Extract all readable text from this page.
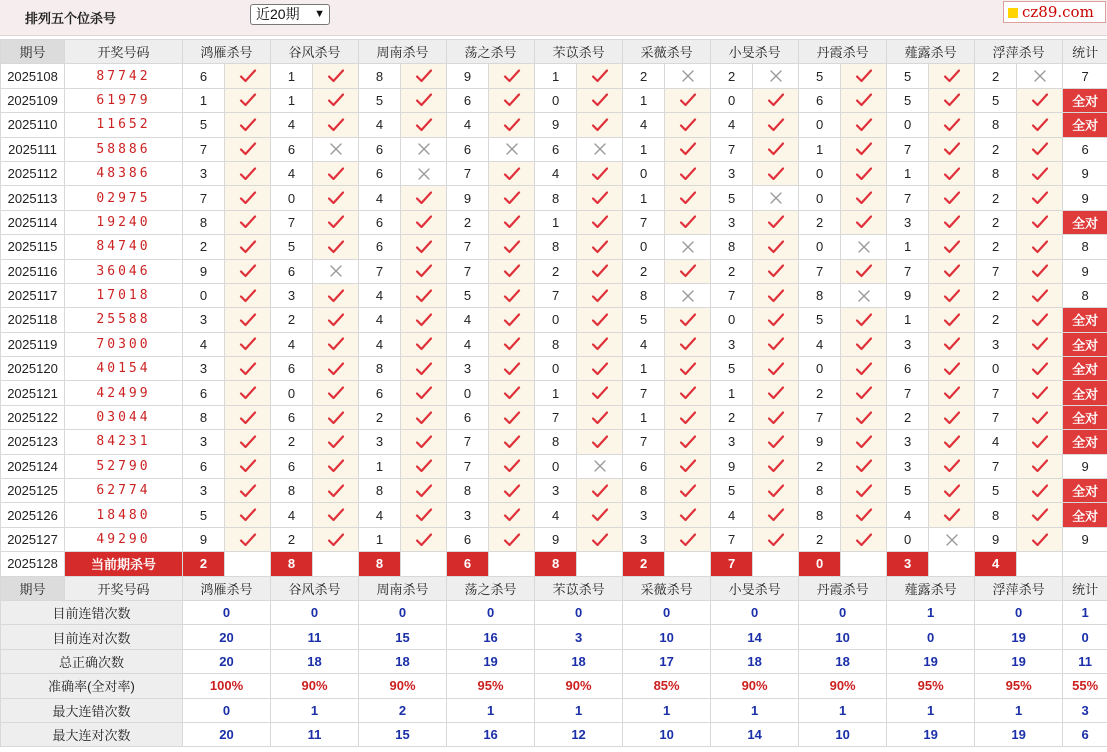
排列五个位杀号	近20期 ▼	cz89.com
期号	开奖号码	鸿雁杀号		谷风杀号		周南杀号		荡之杀号		芣苡杀号		采薇杀号		小旻杀号		丹霞杀号		薤露杀号		浮萍杀号		统计
2025108	87742	6		1		8		9		1		2		2		5		5		2		7
2025109	61979	1		1		5		6		0		1		0		6		5		5		全对
2025110	11652	5		4		4		4		9		4		4		0		0		8		全对
2025111	58886	7		6		6		6		6		1		7		1		7		2		6
2025112	48386	3		4		6		7		4		0		3		0		1		8		9
2025113	02975	7		0		4		9		8		1		5		0		7		2		9
2025114	19240	8		7		6		2		1		7		3		2		3		2		全对
2025115	84740	2		5		6		7		8		0		8		0		1		2		8
2025116	36046	9		6		7		7		2		2		2		7		7		7		9
2025117	17018	0		3		4		5		7		8		7		8		9		2		8
2025118	25588	3		2		4		4		0		5		0		5		1		2		全对
2025119	70300	4		4		4		4		8		4		3		4		3		3		全对
2025120	40154	3		6		8		3		0		1		5		0		6		0		全对
2025121	42499	6		0		6		0		1		7		1		2		7		7		全对
2025122	03044	8		6		2		6		7		1		2		7		2		7		全对
2025123	84231	3		2		3		7		8		7		3		9		3		4		全对
2025124	52790	6		6		1		7		0		6		9		2		3		7		9
2025125	62774	3		8		8		8		3		8		5		8		5		5		全对
2025126	18480	5		4		4		3		4		3		4		8		4		8		全对
2025127	49290	9		2		1		6		9		3		7		2		0		9		9
2025128	当前期杀号	2		8		8		6		8		2		7		0		3		4		
期号	开奖号码	鸿雁杀号		谷风杀号		周南杀号		荡之杀号		芣苡杀号		采薇杀号		小旻杀号		丹霞杀号		薤露杀号		浮萍杀号		统计
目前连错次数		0		0		0		0		0		0		0		0		1		0		1
目前连对次数		20		11		15		16		3		10		14		10		0		19		0
总正确次数		20		18		18		19		18		17		18		18		19		19		11
准确率(全对率)		100%		90%		90%		95%		90%		85%		90%		90%		95%		95%		55%
最大连错次数		0		1		2		1		1		1		1		1		1		1		3
最大连对次数		20		11		15		16		12		10		14		10		19		19		6
